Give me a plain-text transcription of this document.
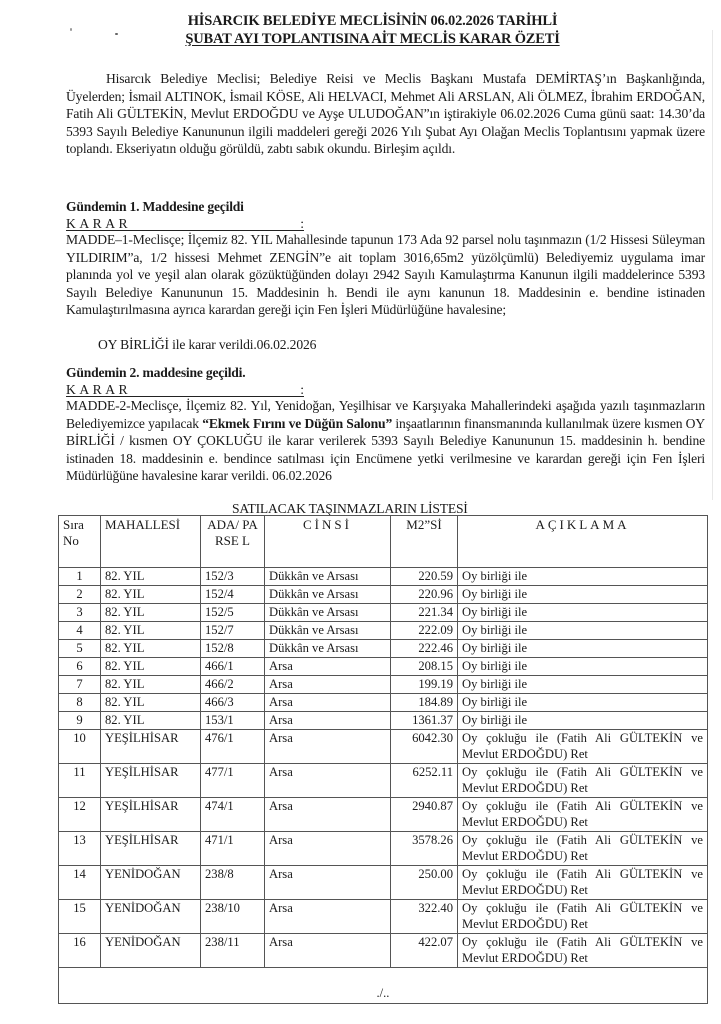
HİSARCIK BELEDİYE MECLİSİNİN 06.02.2026 TARİHLİ
ŞUBAT AYI TOPLANTISINA AİT MECLİS KARAR ÖZETİ
Hisarcık Belediye Meclisi; Belediye Reisi ve Meclis Başkanı Mustafa DEMİRTAŞ’ın Başkanlığında, Üyelerden; İsmail ALTINOK, İsmail KÖSE, Ali HELVACI, Mehmet Ali ARSLAN, Ali ÖLMEZ, İbrahim ERDOĞAN, Fatih Ali GÜLTEKİN, Mevlut ERDOĞDU ve Ayşe ULUDOĞAN”ın iştirakiyle 06.02.2026 Cuma günü saat: 14.30’da 5393 Sayılı Belediye Kanununun ilgili maddeleri gereği 2026 Yılı Şubat Ayı Olağan Meclis Toplantısını yapmak üzere toplandı. Ekseriyatın olduğu görüldü, zabtı sabık okundu. Birleşim açıldı.
Gündemin 1. Maddesine geçildi
KARAR	:
MADDE–1-Meclisçe; İlçemiz 82. YIL Mahallesinde tapunun 173 Ada 92 parsel nolu taşınmazın (1/2 Hissesi Süleyman YILDIRIM”a, 1/2 hissesi Mehmet ZENGİN”e ait toplam 3016,65m2 yüzölçümlü) Belediyemiz uygulama imar planında yol ve yeşil alan olarak gözüktüğünden dolayı 2942 Sayılı Kamulaştırma Kanunun ilgili maddelerince 5393 Sayılı Belediye Kanununun 15. Maddesinin h. Bendi ile aynı kanunun 18. Maddesinin e. bendine istinaden Kamulaştırılmasına ayrıca karardan gereği için Fen İşleri Müdürlüğüne havalesine;
OY BİRLİĞİ ile karar verildi.06.02.2026
Gündemin 2. maddesine geçildi.
KARAR	:
MADDE-2-Meclisçe, İlçemiz 82. Yıl, Yenidoğan, Yeşilhisar ve Karşıyaka Mahallerindeki aşağıda yazılı taşınmazların Belediyemizce yapılacak “Ekmek Fırını ve Düğün Salonu” inşaatlarının finansmanında kullanılmak üzere kısmen OY BİRLİĞİ / kısmen OY ÇOKLUĞU ile karar verilerek 5393 Sayılı Belediye Kanununun 15. maddesinin h. bendine istinaden 18. maddesinin e. bendince satılması için Encümene yetki verilmesine ve karardan gereği için Fen İşleri Müdürlüğüne havalesine karar verildi. 06.02.2026
SATILACAK TAŞINMAZLARIN LİSTESİ
Sıra No	MAHALLESİ	ADA/ PARSE L	CİNSİ	M2”Sİ	AÇIKLAMA
1	82. YIL	152/3	Dükkân ve Arsası	220.59	Oy birliği ile
2	82. YIL	152/4	Dükkân ve Arsası	220.96	Oy birliği ile
3	82. YIL	152/5	Dükkân ve Arsası	221.34	Oy birliği ile
4	82. YIL	152/7	Dükkân ve Arsası	222.09	Oy birliği ile
5	82. YIL	152/8	Dükkân ve Arsası	222.46	Oy birliği ile
6	82. YIL	466/1	Arsa	208.15	Oy birliği ile
7	82. YIL	466/2	Arsa	199.19	Oy birliği ile
8	82. YIL	466/3	Arsa	184.89	Oy birliği ile
9	82. YIL	153/1	Arsa	1361.37	Oy birliği ile
10	YEŞİLHİSAR	476/1	Arsa	6042.30	Oy çokluğu ile (Fatih Ali GÜLTEKİN ve Mevlut ERDOĞDU) Ret
11	YEŞİLHİSAR	477/1	Arsa	6252.11	Oy çokluğu ile (Fatih Ali GÜLTEKİN ve Mevlut ERDOĞDU) Ret
12	YEŞİLHİSAR	474/1	Arsa	2940.87	Oy çokluğu ile (Fatih Ali GÜLTEKİN ve Mevlut ERDOĞDU) Ret
13	YEŞİLHİSAR	471/1	Arsa	3578.26	Oy çokluğu ile (Fatih Ali GÜLTEKİN ve Mevlut ERDOĞDU) Ret
14	YENİDOĞAN	238/8	Arsa	250.00	Oy çokluğu ile (Fatih Ali GÜLTEKİN ve Mevlut ERDOĞDU) Ret
15	YENİDOĞAN	238/10	Arsa	322.40	Oy çokluğu ile (Fatih Ali GÜLTEKİN ve Mevlut ERDOĞDU) Ret
16	YENİDOĞAN	238/11	Arsa	422.07	Oy çokluğu ile (Fatih Ali GÜLTEKİN ve Mevlut ERDOĞDU) Ret
./..					
